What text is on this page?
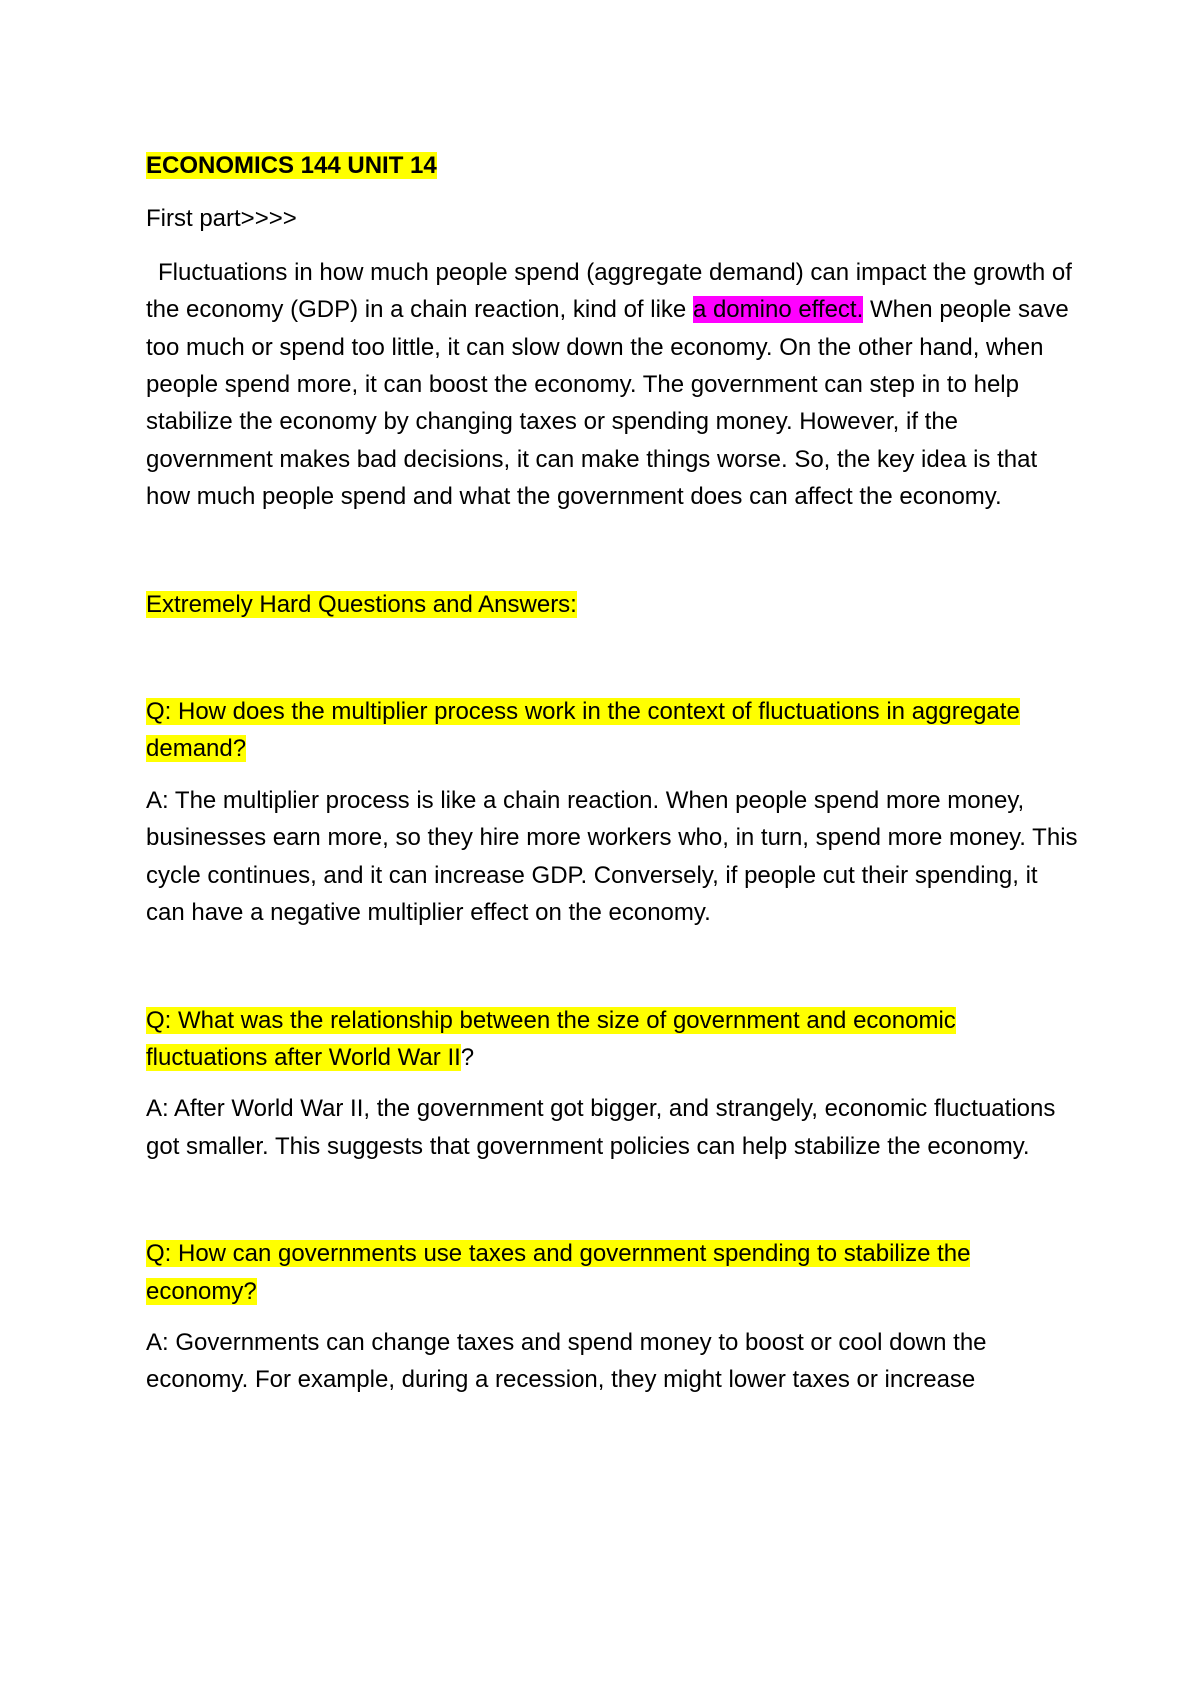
ECONOMICS 144 UNIT 14

First part>>>>

Fluctuations in how much people spend (aggregate demand) can impact the growth of the economy (GDP) in a chain reaction, kind of like a domino effect. When people save too much or spend too little, it can slow down the economy. On the other hand, when people spend more, it can boost the economy. The government can step in to help stabilize the economy by changing taxes or spending money. However, if the government makes bad decisions, it can make things worse. So, the key idea is that how much people spend and what the government does can affect the economy.

Extremely Hard Questions and Answers:

Q: How does the multiplier process work in the context of fluctuations in aggregate demand?

A: The multiplier process is like a chain reaction. When people spend more money, businesses earn more, so they hire more workers who, in turn, spend more money. This cycle continues, and it can increase GDP. Conversely, if people cut their spending, it can have a negative multiplier effect on the economy.

Q: What was the relationship between the size of government and economic fluctuations after World War II?

A: After World War II, the government got bigger, and strangely, economic fluctuations got smaller. This suggests that government policies can help stabilize the economy.

Q: How can governments use taxes and government spending to stabilize the economy?

A: Governments can change taxes and spend money to boost or cool down the economy. For example, during a recession, they might lower taxes or increase
